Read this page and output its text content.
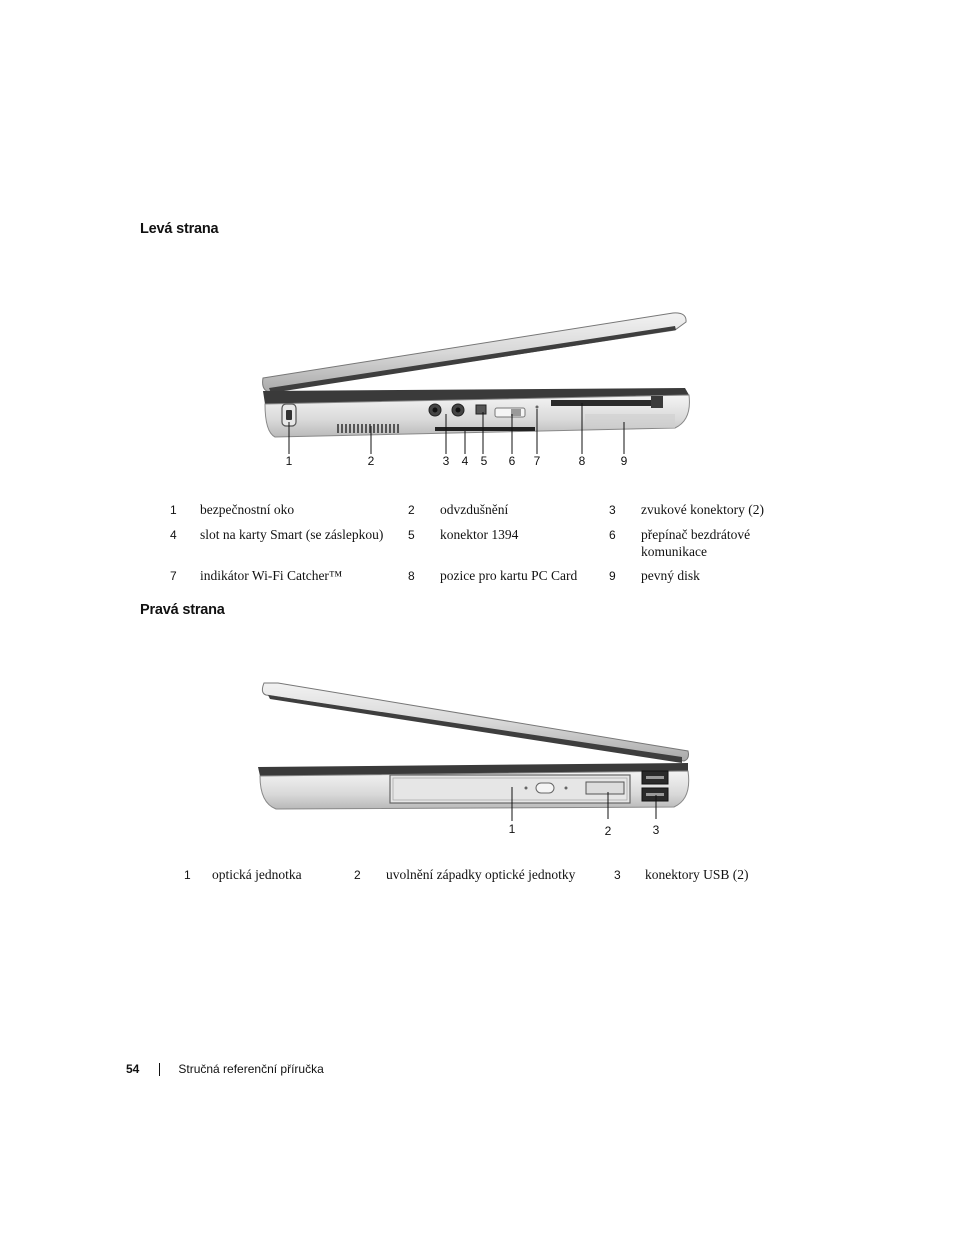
Levá strana
1	2	3 4 5 6 7	8	9
1	bezpečnostní oko	2	odvzdušnění	3	zvukové konektory (2)
4	slot na karty Smart (se záslepkou)	5	konektor 1394	6	přepínač bezdrátové komunikace
7	indikátor Wi-Fi Catcher™	8	pozice pro kartu PC Card	9	pevný disk
Pravá strana
1	2	3
1	optická jednotka	2	uvolnění západky optické jednotky	3	konektory USB (2)
54	Stručná referenční příručka
